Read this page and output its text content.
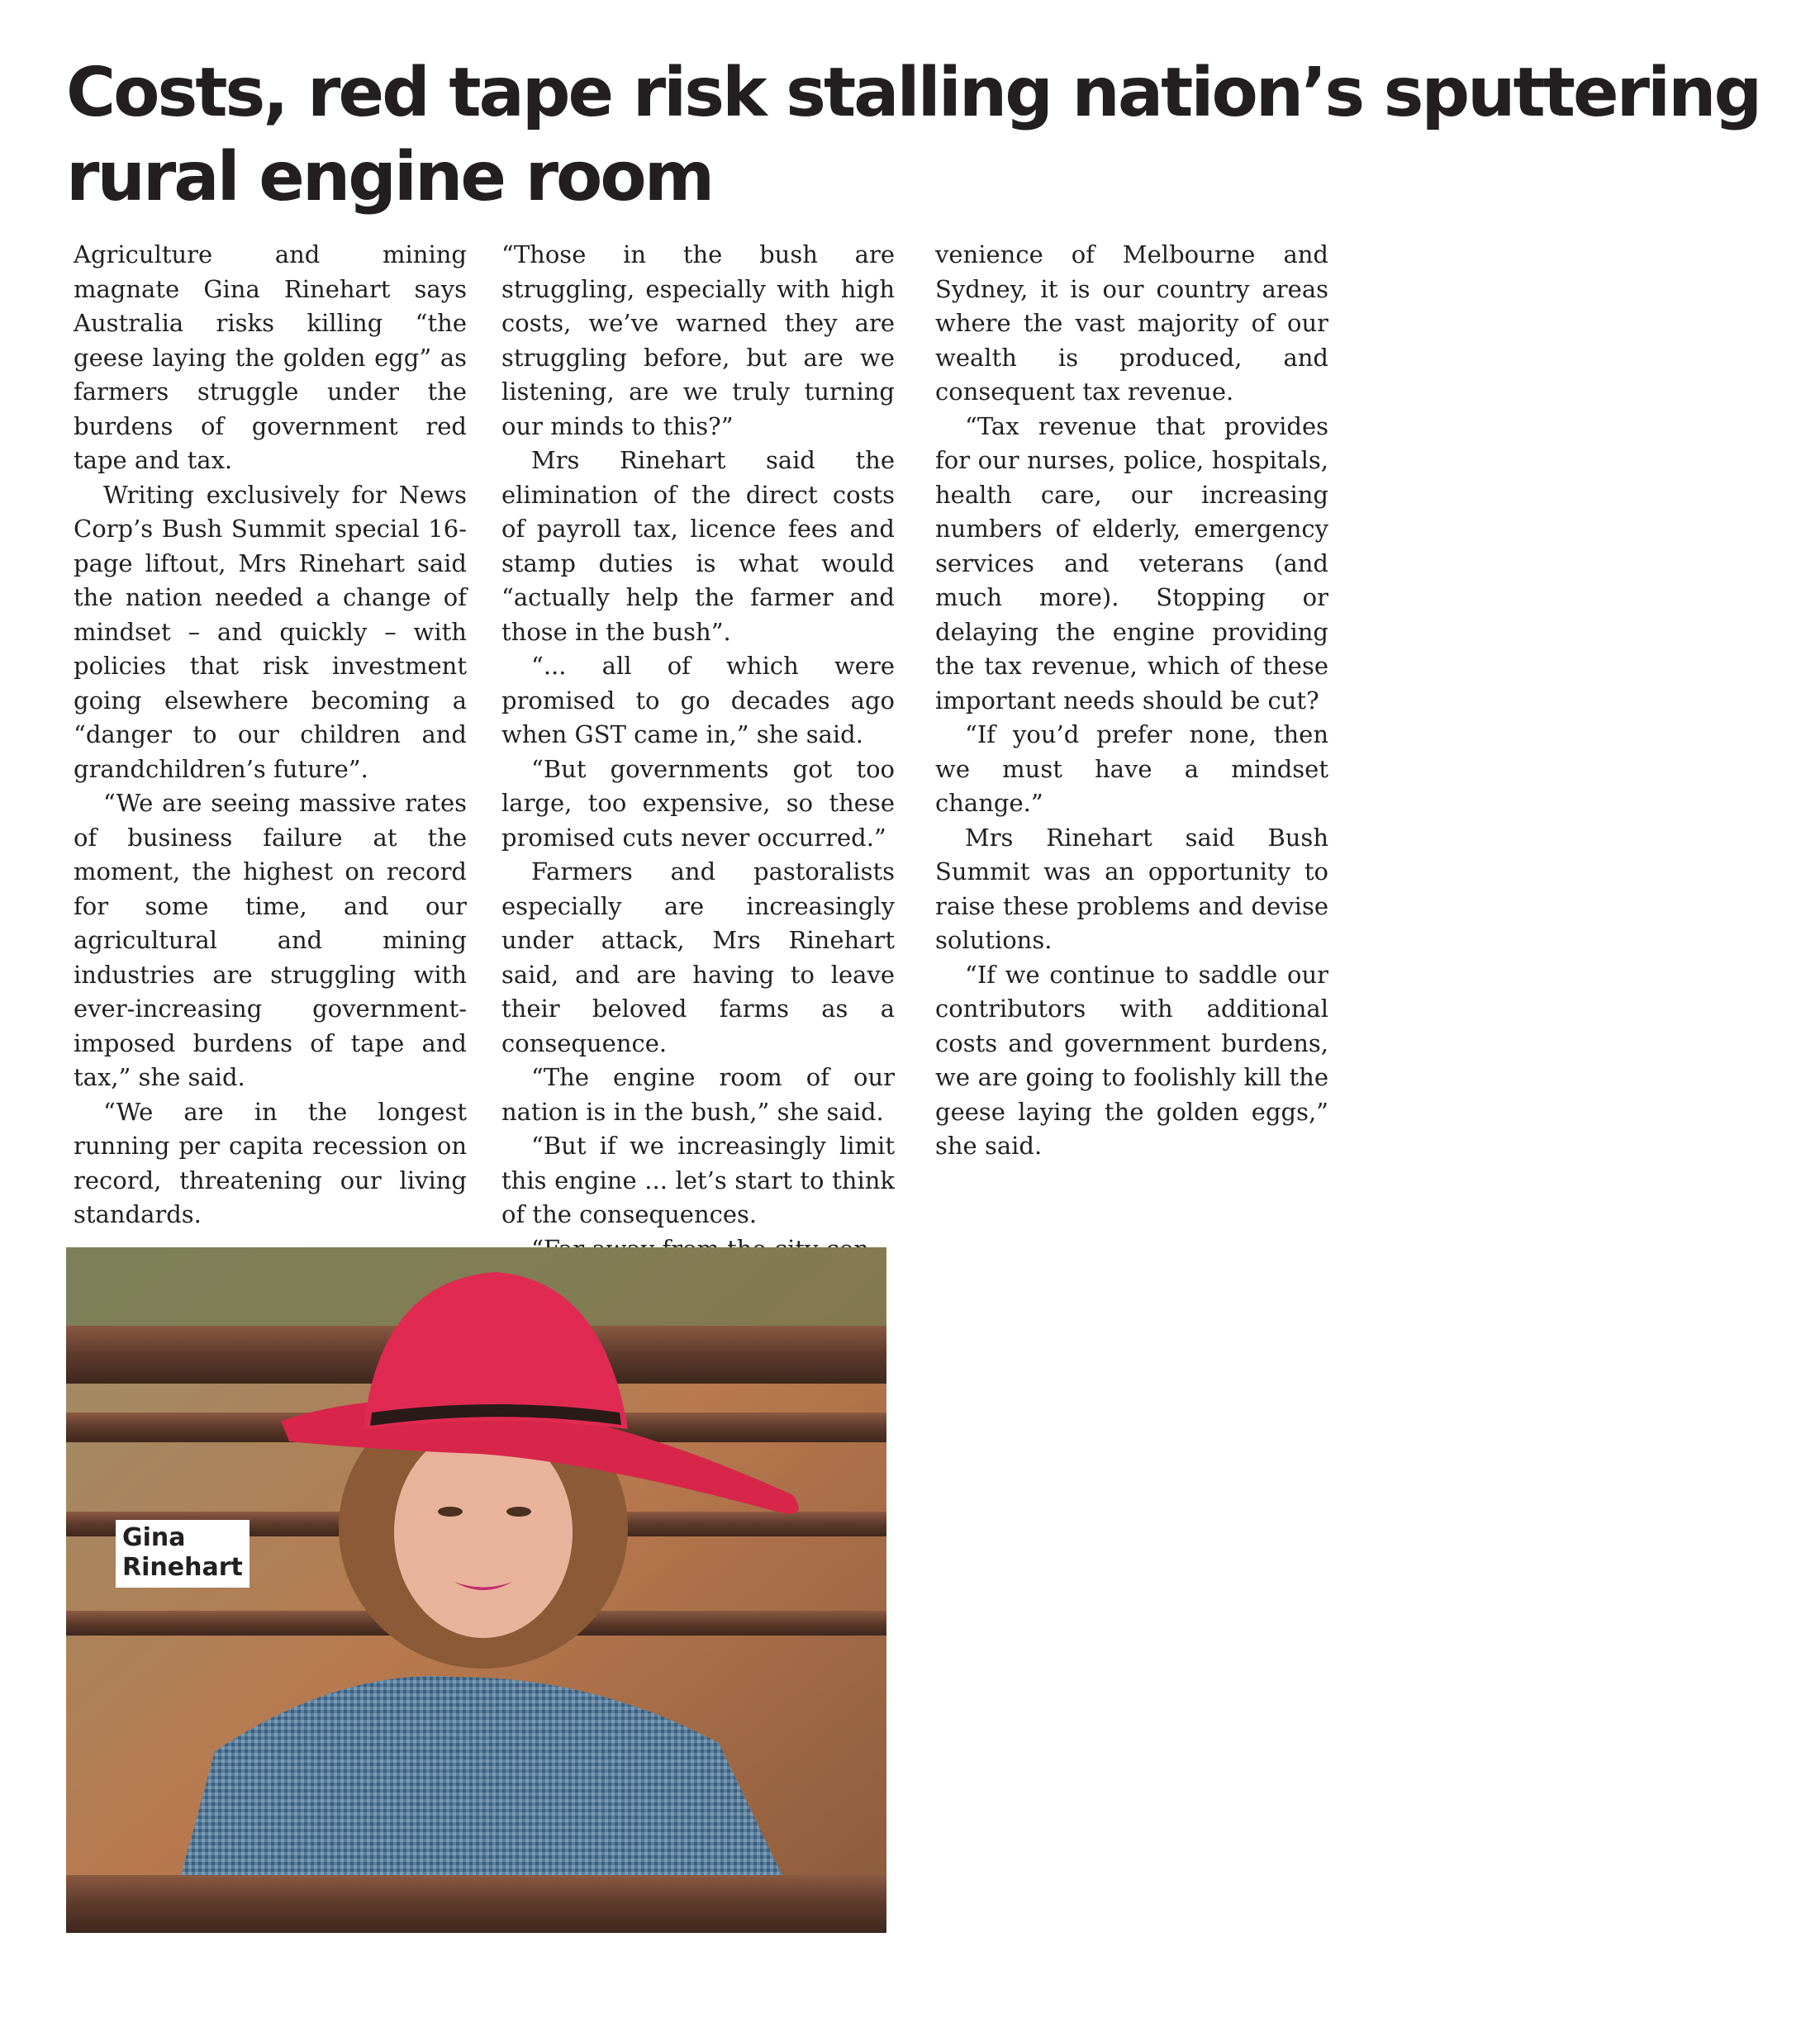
Costs, red tape risk stalling nation’s sputtering
rural engine room

Agriculture and mining magnate Gina Rinehart says Australia risks killing “the geese laying the golden egg” as farmers struggle under the burdens of government red tape and tax.

Writing exclusively for News Corp’s Bush Summit special 16-page liftout, Mrs Rinehart said the nation needed a change of mindset – and quickly – with policies that risk investment going elsewhere becoming a “danger to our children and grandchildren’s future”.

“We are seeing massive rates of business failure at the moment, the highest on record for some time, and our agricultural and mining industries are struggling with ever-increasing government-imposed burdens of tape and tax,” she said.

“We are in the longest running per capita recession on record, threatening our living standards.

“Those in the bush are struggling, especially with high costs, we’ve warned they are struggling before, but are we listening, are we truly turning our minds to this?”

Mrs Rinehart said the elimination of the direct costs of payroll tax, licence fees and stamp duties is what would “actually help the farmer and those in the bush”.

“... all of which were promised to go decades ago when GST came in,” she said.

“But governments got too large, too expensive, so these promised cuts never occurred.”

Farmers and pastoralists especially are increasingly under attack, Mrs Rinehart said, and are having to leave their beloved farms as a consequence.

“The engine room of our nation is in the bush,” she said.

“But if we increasingly limit this engine ... let’s start to think of the consequences.

venience of Melbourne and Sydney, it is our country areas where the vast majority of our wealth is produced, and consequent tax revenue.

“Tax revenue that provides for our nurses, police, hospitals, health care, our increasing numbers of elderly, emergency services and veterans (and much more). Stopping or delaying the engine providing the tax revenue, which of these important needs should be cut?

“If you’d prefer none, then we must have a mindset change.”

Mrs Rinehart said Bush Summit was an opportunity to raise these problems and devise solutions.

“If we continue to saddle our contributors with additional costs and government burdens, we are going to foolishly kill the geese laying the golden eggs,” she said.

Gina
Rinehart
